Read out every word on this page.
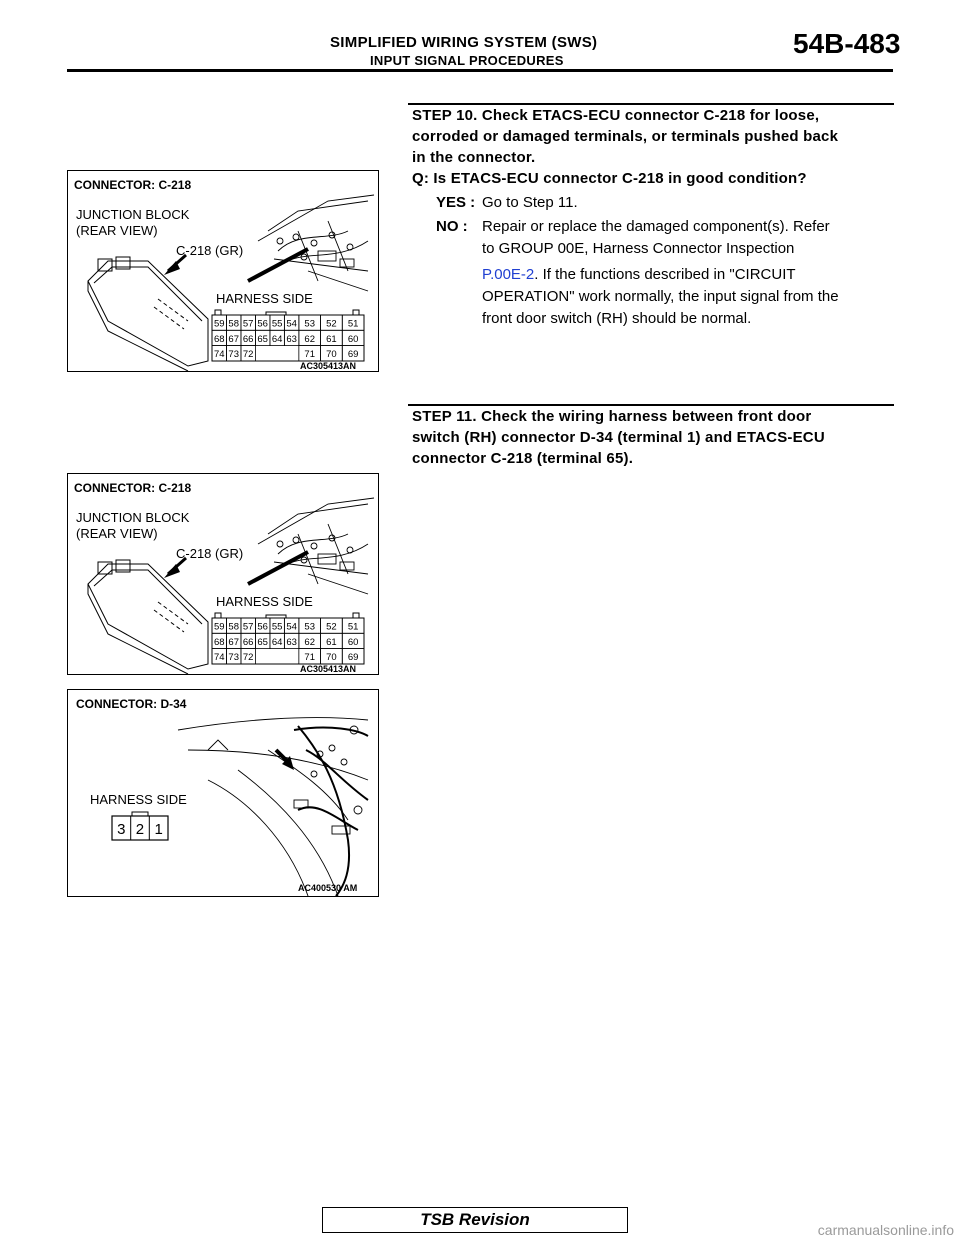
SIMPLIFIED WIRING SYSTEM (SWS)
INPUT SIGNAL PROCEDURES
54B-483
STEP 10. Check ETACS-ECU connector C-218 for loose,
corroded or damaged terminals, or terminals pushed back
in the connector.
Q: Is ETACS-ECU connector C-218 in good condition?
YES : Go to Step 11.
NO : Repair or replace the damaged component(s). Refer
to GROUP 00E, Harness Connector Inspection
P.00E-2. If the functions described in "CIRCUIT
OPERATION" work normally, the input signal from the
front door switch (RH) should be normal.
STEP 11. Check the wiring harness between front door
switch (RH) connector D-34 (terminal 1) and ETACS-ECU
connector C-218 (terminal 65).
CONNECTOR: C-218
JUNCTION BLOCK
(REAR VIEW)
C-218 (GR)
HARNESS SIDE
59 58 57 56 55 54 53 52 51
68 67 66 65 64 63 62 61 60
74 73 72	71 70 69
AC305413AN
CONNECTOR: C-218
JUNCTION BLOCK
(REAR VIEW)
C-218 (GR)
HARNESS SIDE
59 58 57 56 55 54 53 52 51
68 67 66 65 64 63 62 61 60
74 73 72	71 70 69
AC305413AN
CONNECTOR: D-34
HARNESS SIDE
3 2 1
AC400530 AM
TSB Revision
carmanualsonline.info
